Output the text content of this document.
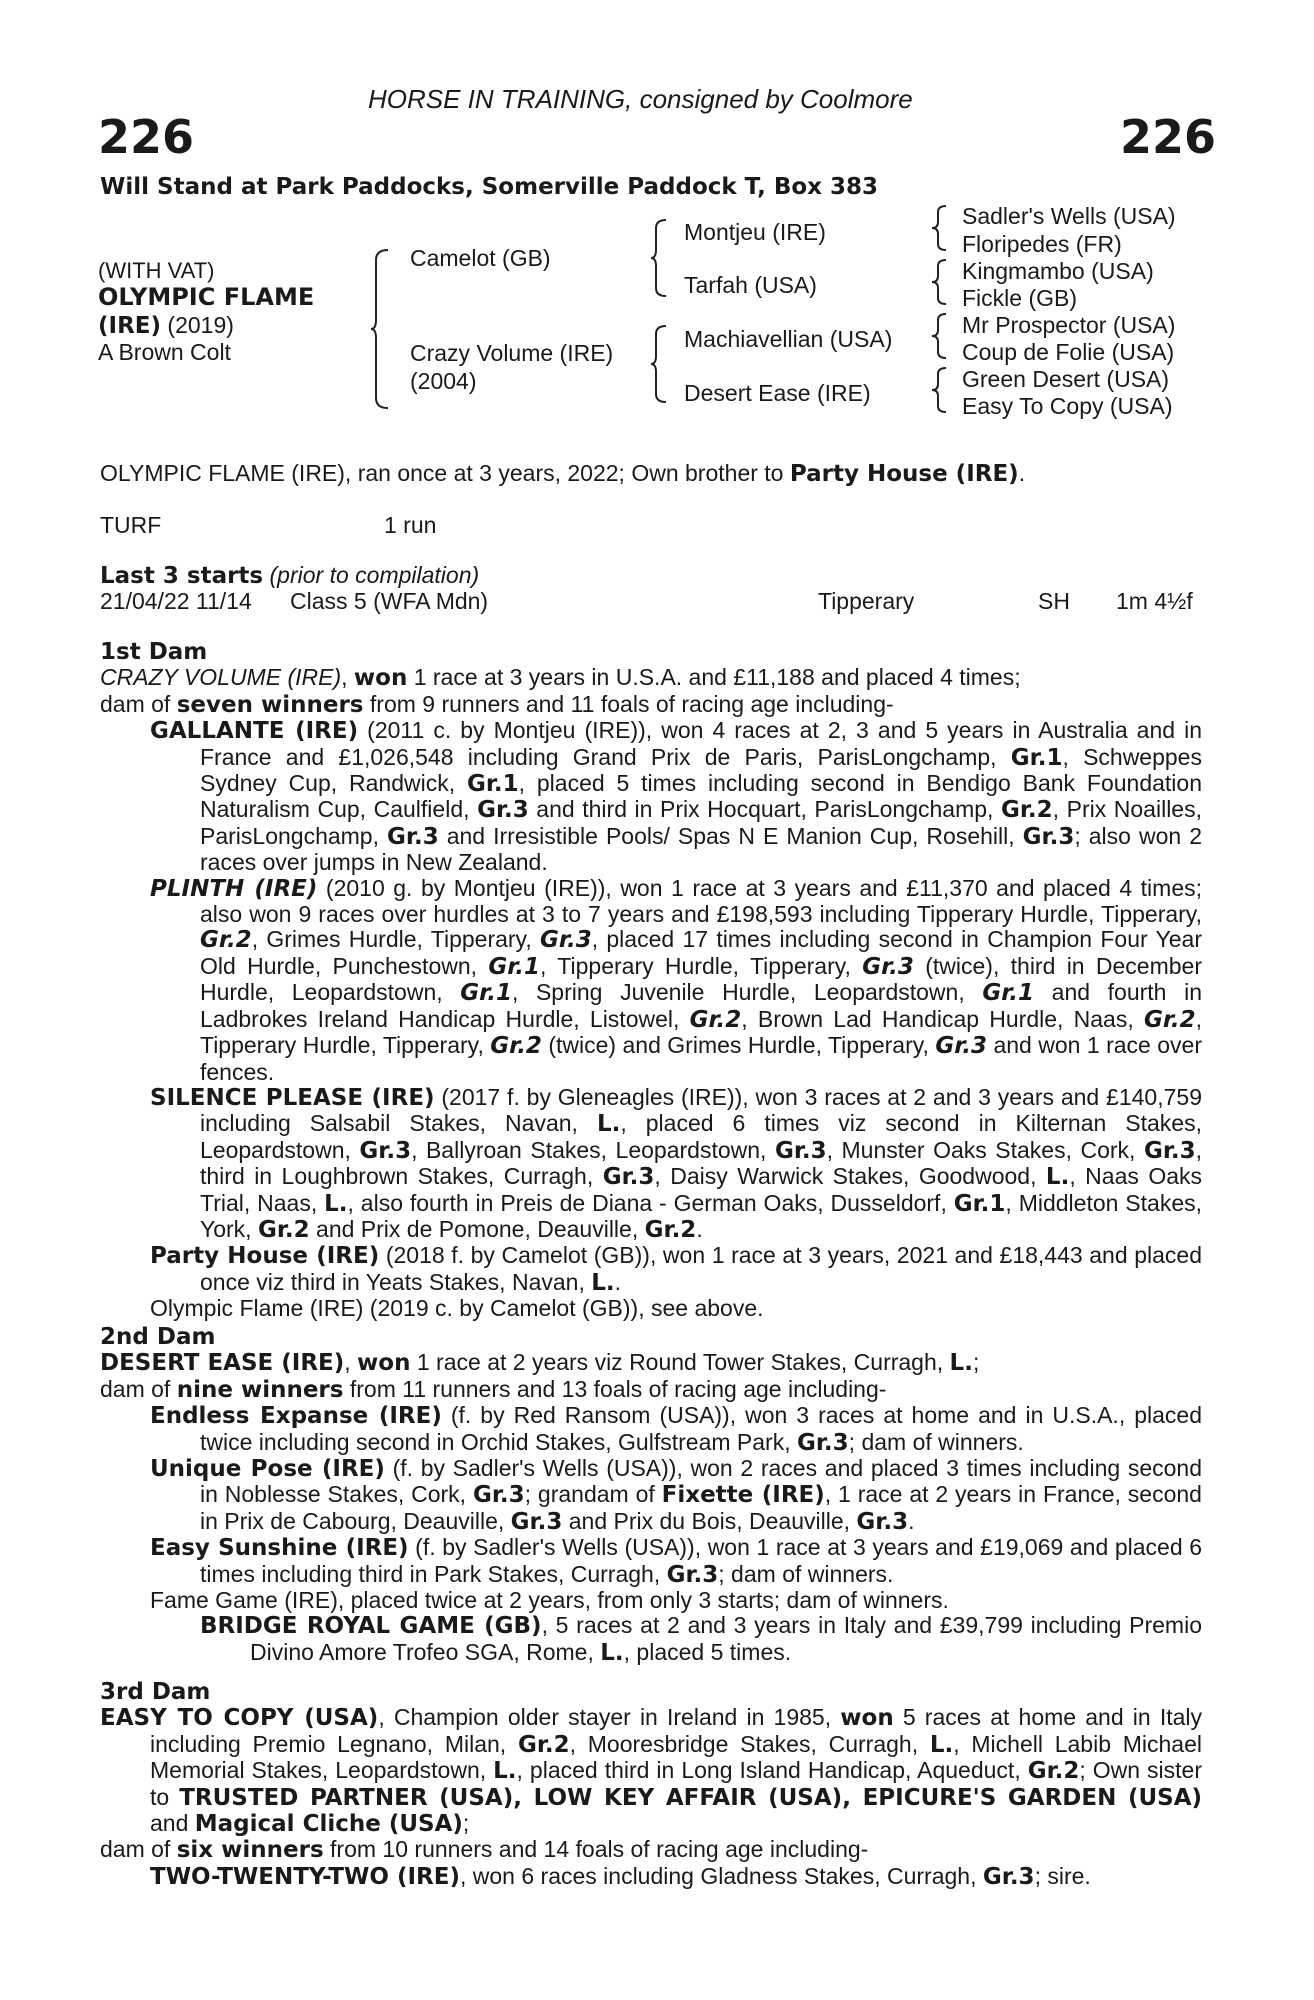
HORSE IN TRAINING, consigned by Coolmore
226	226
Will Stand at Park Paddocks, Somerville Paddock T, Box 383
(WITH VAT)
OLYMPIC FLAME
(IRE) (2019)
A Brown Colt
Camelot (GB)
Crazy Volume (IRE)
(2004)
Montjeu (IRE)
Tarfah (USA)
Machiavellian (USA)
Desert Ease (IRE)
Sadler's Wells (USA)
Floripedes (FR)
Kingmambo (USA)
Fickle (GB)
Mr Prospector (USA)
Coup de Folie (USA)
Green Desert (USA)
Easy To Copy (USA)
OLYMPIC FLAME (IRE), ran once at 3 years, 2022; Own brother to Party House (IRE).
TURF	1 run
Last 3 starts (prior to compilation)
21/04/22 11/14 Class 5 (WFA Mdn)	Tipperary	SH 1m 4½f

1st Dam

CRAZY VOLUME (IRE), won 1 race at 3 years in U.S.A. and £11,188 and placed 4 times;

dam of seven winners from 9 runners and 11 foals of racing age including-

GALLANTE (IRE) (2011 c. by Montjeu (IRE)), won 4 races at 2, 3 and 5 years in Australia and in France and £1,026,548 including Grand Prix de Paris, ParisLongchamp, Gr.1, Schweppes Sydney Cup, Randwick, Gr.1, placed 5 times including second in Bendigo Bank Foundation Naturalism Cup, Caulfield, Gr.3 and third in Prix Hocquart, ParisLongchamp, Gr.2, Prix Noailles, ParisLongchamp, Gr.3 and Irresistible Pools/ Spas N E Manion Cup, Rosehill, Gr.3; also won 2 races over jumps in New Zealand.

PLINTH (IRE) (2010 g. by Montjeu (IRE)), won 1 race at 3 years and £11,370 and placed 4 times; also won 9 races over hurdles at 3 to 7 years and £198,593 including Tipperary Hurdle, Tipperary, Gr.2, Grimes Hurdle, Tipperary, Gr.3, placed 17 times including second in Champion Four Year Old Hurdle, Punchestown, Gr.1, Tipperary Hurdle, Tipperary, Gr.3 (twice), third in December Hurdle, Leopardstown, Gr.1, Spring Juvenile Hurdle, Leopardstown, Gr.1 and fourth in Ladbrokes Ireland Handicap Hurdle, Listowel, Gr.2, Brown Lad Handicap Hurdle, Naas, Gr.2, Tipperary Hurdle, Tipperary, Gr.2 (twice) and Grimes Hurdle, Tipperary, Gr.3 and won 1 race over fences.

SILENCE PLEASE (IRE) (2017 f. by Gleneagles (IRE)), won 3 races at 2 and 3 years and £140,759 including Salsabil Stakes, Navan, L., placed 6 times viz second in Kilternan Stakes, Leopardstown, Gr.3, Ballyroan Stakes, Leopardstown, Gr.3, Munster Oaks Stakes, Cork, Gr.3, third in Loughbrown Stakes, Curragh, Gr.3, Daisy Warwick Stakes, Goodwood, L., Naas Oaks Trial, Naas, L., also fourth in Preis de Diana - German Oaks, Dusseldorf, Gr.1, Middleton Stakes, York, Gr.2 and Prix de Pomone, Deauville, Gr.2.

Party House (IRE) (2018 f. by Camelot (GB)), won 1 race at 3 years, 2021 and £18,443 and placed once viz third in Yeats Stakes, Navan, L..

Olympic Flame (IRE) (2019 c. by Camelot (GB)), see above.

2nd Dam

DESERT EASE (IRE), won 1 race at 2 years viz Round Tower Stakes, Curragh, L.;

dam of nine winners from 11 runners and 13 foals of racing age including-

Endless Expanse (IRE) (f. by Red Ransom (USA)), won 3 races at home and in U.S.A., placed twice including second in Orchid Stakes, Gulfstream Park, Gr.3; dam of winners.

Unique Pose (IRE) (f. by Sadler's Wells (USA)), won 2 races and placed 3 times including second in Noblesse Stakes, Cork, Gr.3; grandam of Fixette (IRE), 1 race at 2 years in France, second in Prix de Cabourg, Deauville, Gr.3 and Prix du Bois, Deauville, Gr.3.

Easy Sunshine (IRE) (f. by Sadler's Wells (USA)), won 1 race at 3 years and £19,069 and placed 6 times including third in Park Stakes, Curragh, Gr.3; dam of winners.

Fame Game (IRE), placed twice at 2 years, from only 3 starts; dam of winners.

BRIDGE ROYAL GAME (GB), 5 races at 2 and 3 years in Italy and £39,799 including Premio Divino Amore Trofeo SGA, Rome, L., placed 5 times.

3rd Dam

EASY TO COPY (USA), Champion older stayer in Ireland in 1985, won 5 races at home and in Italy including Premio Legnano, Milan, Gr.2, Mooresbridge Stakes, Curragh, L., Michell Labib Michael Memorial Stakes, Leopardstown, L., placed third in Long Island Handicap, Aqueduct, Gr.2; Own sister to TRUSTED PARTNER (USA), LOW KEY AFFAIR (USA), EPICURE'S GARDEN (USA) and Magical Cliche (USA);

dam of six winners from 10 runners and 14 foals of racing age including-

TWO-TWENTY-TWO (IRE), won 6 races including Gladness Stakes, Curragh, Gr.3; sire.
